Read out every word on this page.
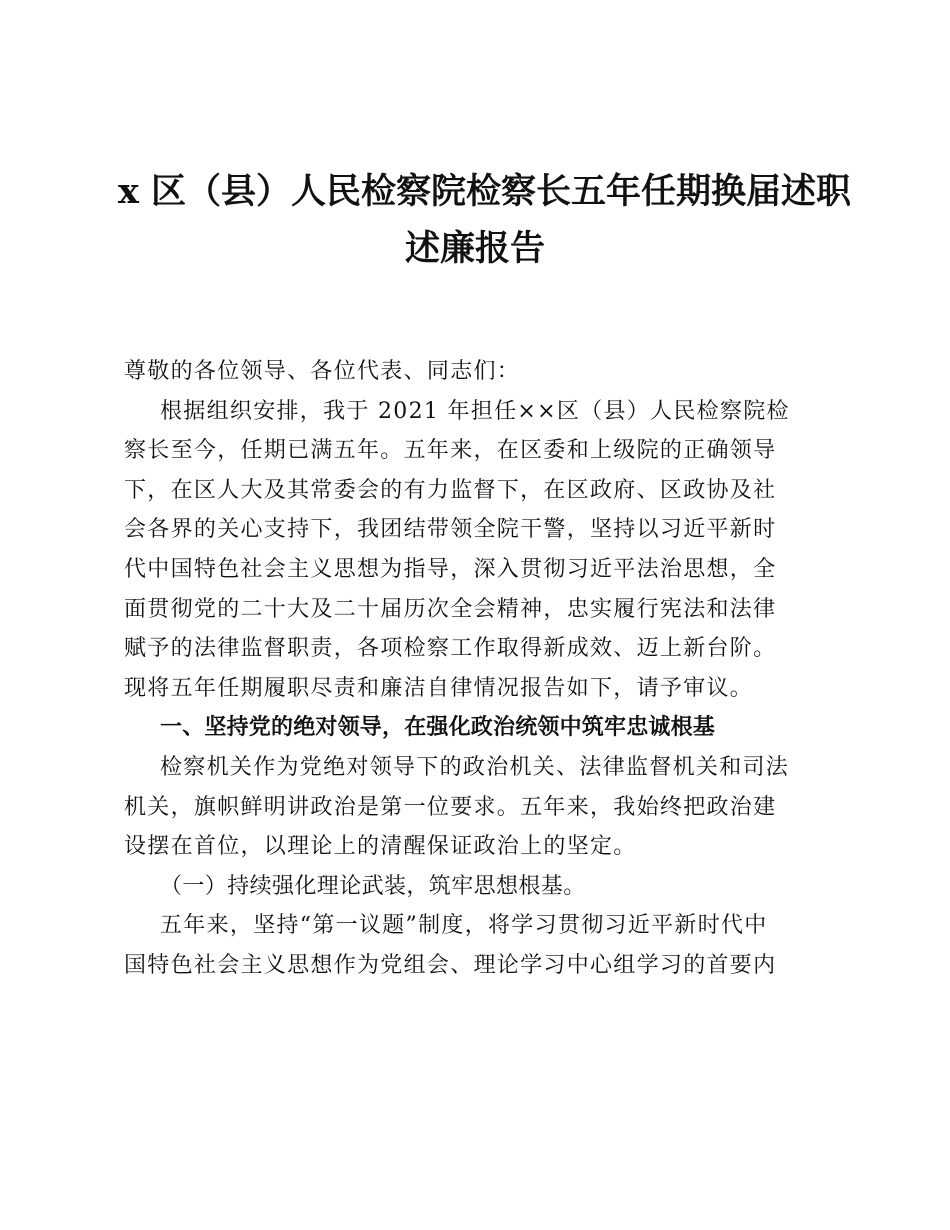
x 区（县）人民检察院检察长五年任期换届述职
述廉报告

尊敬的各位领导、各位代表、同志们：

根据组织安排，我于 2021 年担任××区（县）人民检察院检

察长至今，任期已满五年。五年来，在区委和上级院的正确领导

下，在区人大及其常委会的有力监督下，在区政府、区政协及社

会各界的关心支持下，我团结带领全院干警，坚持以习近平新时

代中国特色社会主义思想为指导，深入贯彻习近平法治思想，全

面贯彻党的二十大及二十届历次全会精神，忠实履行宪法和法律

赋予的法律监督职责，各项检察工作取得新成效、迈上新台阶。

现将五年任期履职尽责和廉洁自律情况报告如下，请予审议。

一、坚持党的绝对领导，在强化政治统领中筑牢忠诚根基

检察机关作为党绝对领导下的政治机关、法律监督机关和司法

机关，旗帜鲜明讲政治是第一位要求。五年来，我始终把政治建

设摆在首位，以理论上的清醒保证政治上的坚定。

（一）持续强化理论武装，筑牢思想根基。

五年来，坚持“第一议题”制度，将学习贯彻习近平新时代中

国特色社会主义思想作为党组会、理论学习中心组学习的首要内
